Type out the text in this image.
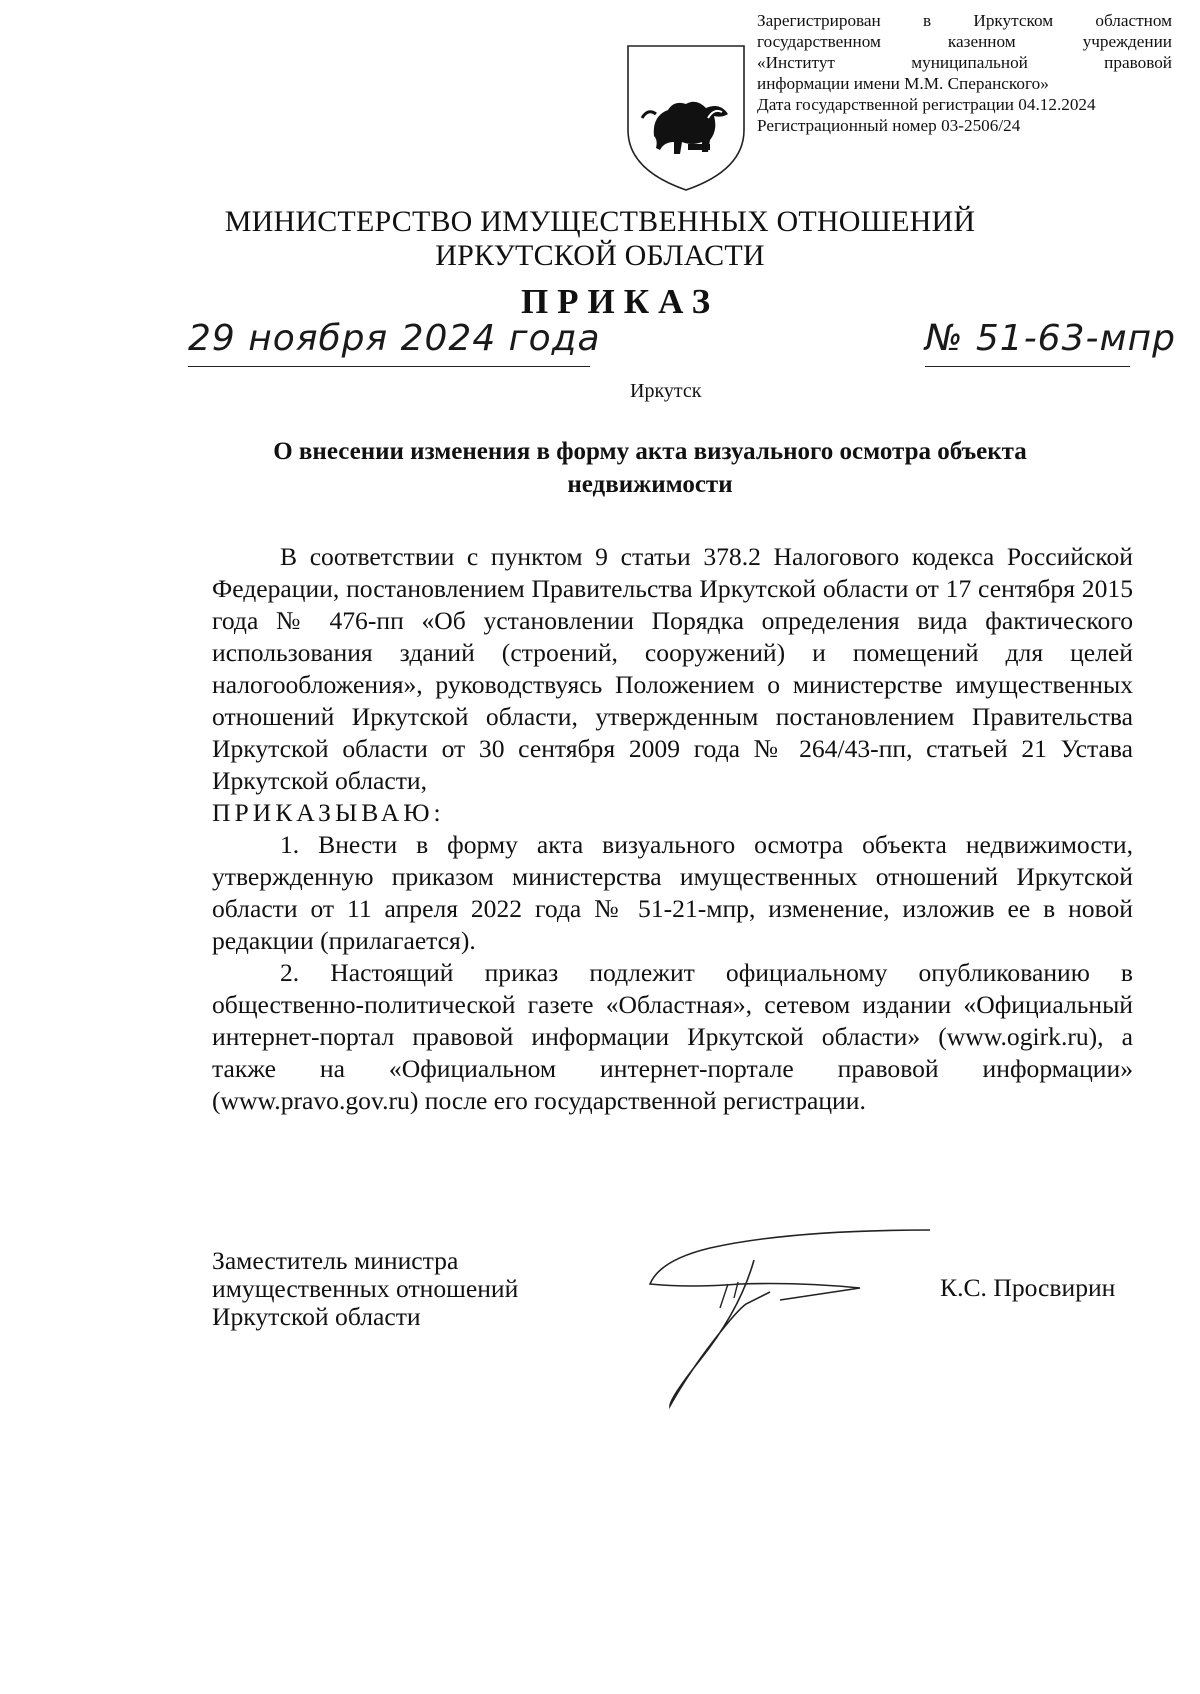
Зарегистрирован в Иркутском областном
государственном казенном учреждении
«Институт муниципальной правовой
информации имени М.М. Сперанского»
Дата государственной регистрации 04.12.2024
Регистрационный номер 03-2506/24
МИНИСТЕРСТВО ИМУЩЕСТВЕННЫХ ОТНОШЕНИЙ
ИРКУТСКОЙ ОБЛАСТИ
ПРИКАЗ
29 ноября 2024 года	№ 51-63-мпр
Иркутск
О внесении изменения в форму акта визуального осмотра объекта
недвижимости

В соответствии с пунктом 9 статьи 378.2 Налогового кодекса Российской Федерации, постановлением Правительства Иркутской области от 17 сентября 2015 года № 476-пп «Об установлении Порядка определения вида фактического использования зданий (строений, сооружений) и помещений для целей налогообложения», руководствуясь Положением о министерстве имущественных отношений Иркутской области, утвержденным постановлением Правительства Иркутской области от 30 сентября 2009 года № 264/43-пп, статьей 21 Устава Иркутской области,

ПРИКАЗЫВАЮ:

1. Внести в форму акта визуального осмотра объекта недвижимости, утвержденную приказом министерства имущественных отношений Иркутской области от 11 апреля 2022 года № 51-21-мпр, изменение, изложив ее в новой редакции (прилагается).

2. Настоящий приказ подлежит официальному опубликованию в общественно-политической газете «Областная», сетевом издании «Официальный интернет-портал правовой информации Иркутской области» (www.ogirk.ru), а также на «Официальном интернет-портале правовой информации» (www.pravo.gov.ru) после его государственной регистрации.

Заместитель министра
имущественных отношений
Иркутской области
К.С. Просвирин
